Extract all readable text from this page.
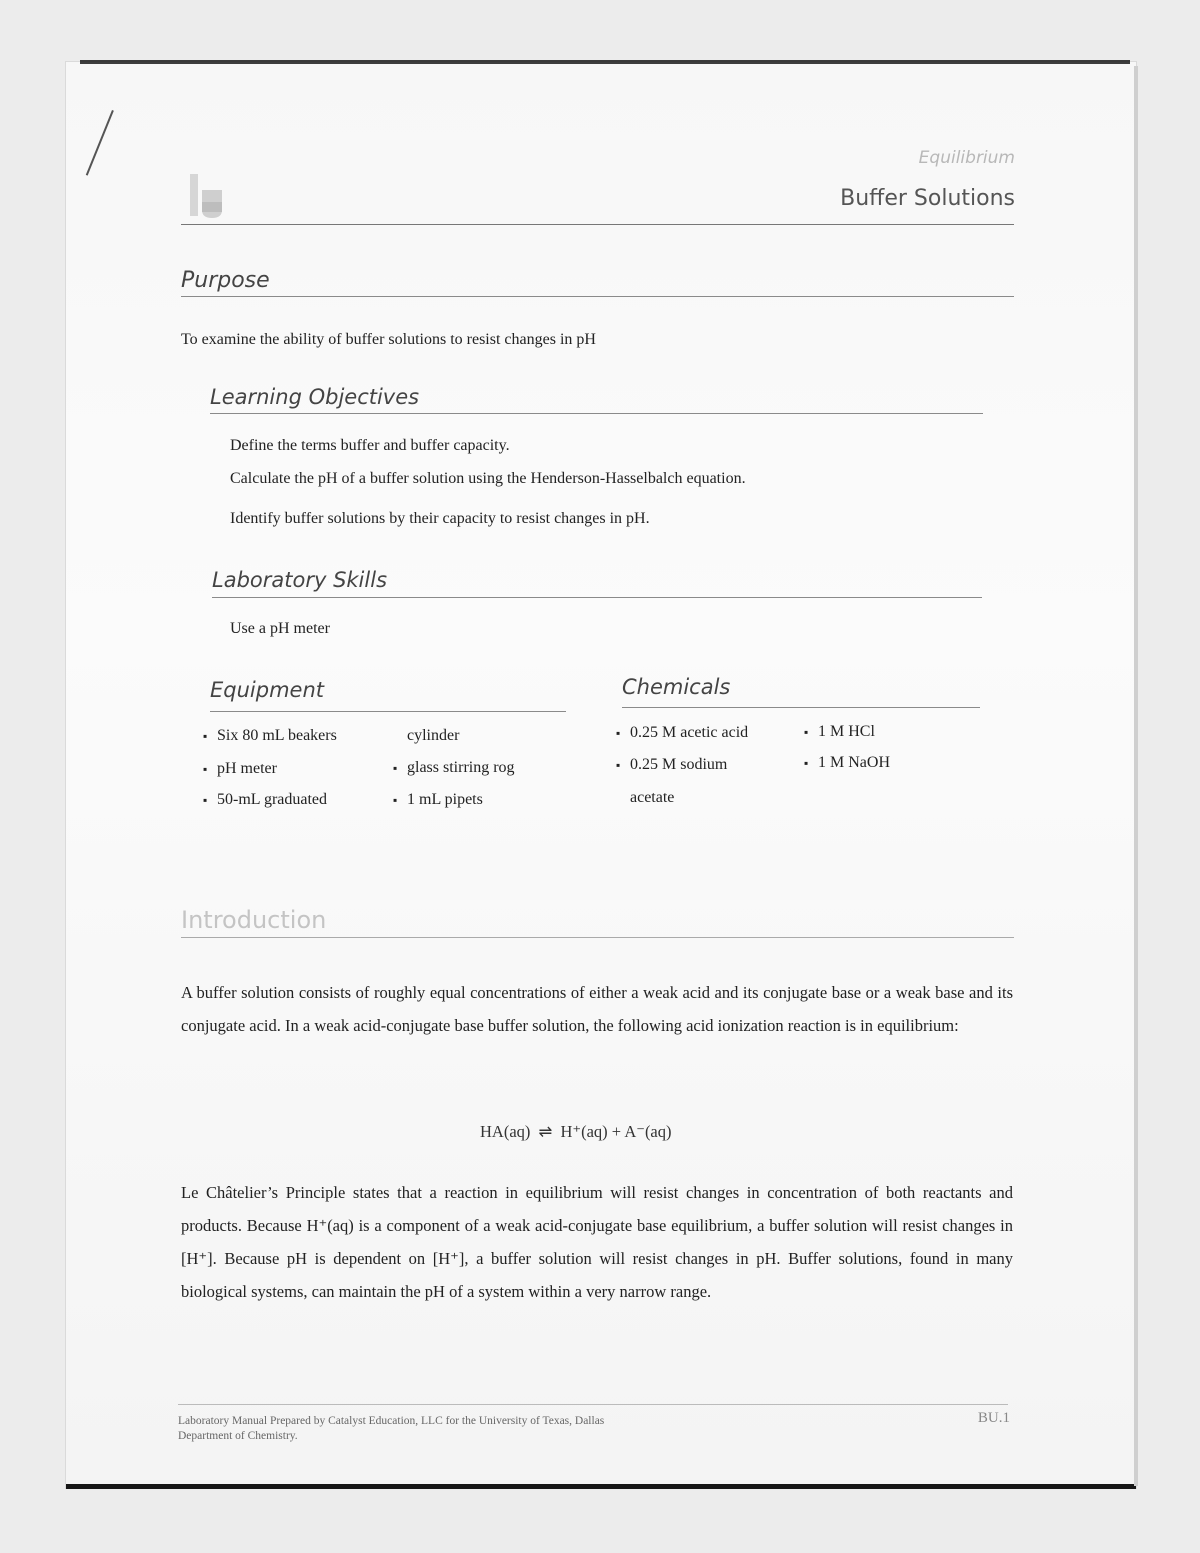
Equilibrium
Buffer Solutions
Purpose
To examine the ability of buffer solutions to resist changes in pH
Learning Objectives
Define the terms buffer and buffer capacity.
Calculate the pH of a buffer solution using the Henderson-Hasselbalch equation.
Identify buffer solutions by their capacity to resist changes in pH.
Laboratory Skills
Use a pH meter
Equipment
▪ Six 80 mL beakers
▪ pH meter
▪ 50-mL graduated
cylinder
▪ glass stirring rog
▪ 1 mL pipets
Chemicals
▪ 0.25 M acetic acid
▪ 0.25 M sodium
acetate
▪ 1 M HCl
▪ 1 M NaOH
Introduction
A buffer solution consists of roughly equal concentrations of either a weak acid and its conjugate base or a weak base and its conjugate acid. In a weak acid-conjugate base buffer solution, the following acid ionization reaction is in equilibrium:
HA(aq) ⇌ H⁺(aq) + A⁻(aq)
Le Châtelier’s Principle states that a reaction in equilibrium will resist changes in concentration of both reactants and products. Because H⁺(aq) is a component of a weak acid-conjugate base equilibrium, a buffer solution will resist changes in [H⁺]. Because pH is dependent on [H⁺], a buffer solution will resist changes in pH. Buffer solutions, found in many biological systems, can maintain the pH of a system within a very narrow range.
Laboratory Manual Prepared by Catalyst Education, LLC for the University of Texas, Dallas
Department of Chemistry.
BU.1
